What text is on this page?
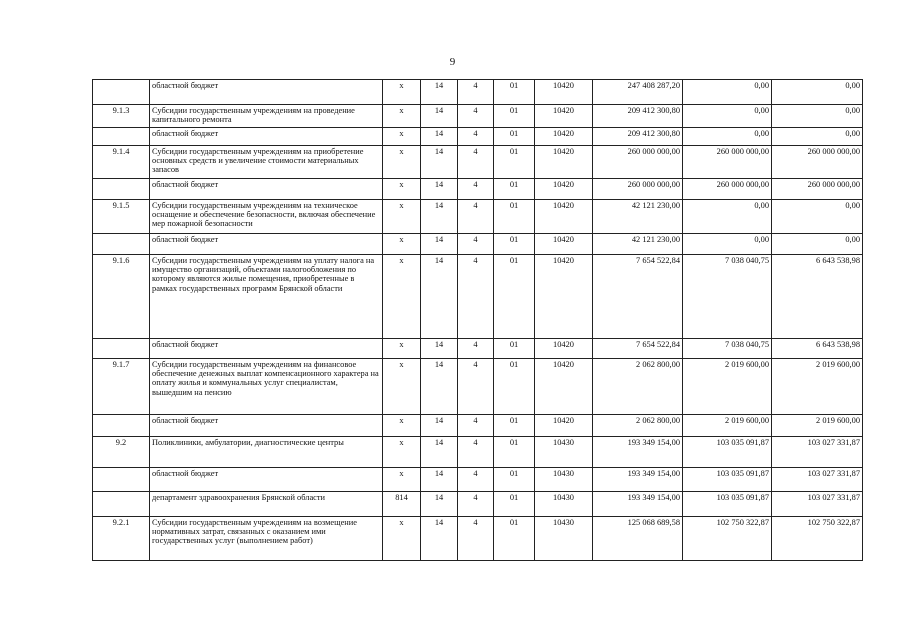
9
	областной бюджет	x	14	4	01	10420	247 408 287,20	0,00	0,00
9.1.3	Субсидии государственным учреждениям на проведение капитального ремонта	x	14	4	01	10420	209 412 300,80	0,00	0,00
	областной бюджет	x	14	4	01	10420	209 412 300,80	0,00	0,00
9.1.4	Субсидии государственным учреждениям на приобретение основных средств и увеличение стоимости материальных запасов	x	14	4	01	10420	260 000 000,00	260 000 000,00	260 000 000,00
	областной бюджет	x	14	4	01	10420	260 000 000,00	260 000 000,00	260 000 000,00
9.1.5	Субсидии государственным учреждениям на техническое оснащение и обеспечение безопасности, включая обеспечение мер пожарной безопасности	x	14	4	01	10420	42 121 230,00	0,00	0,00
	областной бюджет	x	14	4	01	10420	42 121 230,00	0,00	0,00
9.1.6	Субсидии государственным учреждениям на уплату налога на имущество организаций, объектами налогообложения по которому являются жилые помещения, приобретенные в рамках государственных программ Брянской области	x	14	4	01	10420	7 654 522,84	7 038 040,75	6 643 538,98
	областной бюджет	x	14	4	01	10420	7 654 522,84	7 038 040,75	6 643 538,98
9.1.7	Субсидии государственным учреждениям на финансовое обеспечение денежных выплат компенсационного характера на оплату жилья и коммунальных услуг специалистам, вышедшим на пенсию	x	14	4	01	10420	2 062 800,00	2 019 600,00	2 019 600,00
	областной бюджет	x	14	4	01	10420	2 062 800,00	2 019 600,00	2 019 600,00
9.2	Поликлиники, амбулатории, диагностические центры	x	14	4	01	10430	193 349 154,00	103 035 091,87	103 027 331,87
	областной бюджет	x	14	4	01	10430	193 349 154,00	103 035 091,87	103 027 331,87
	департамент здравоохранения Брянской области	814	14	4	01	10430	193 349 154,00	103 035 091,87	103 027 331,87
9.2.1	Субсидии государственным учреждениям на возмещение нормативных затрат, связанных с оказанием ими государственных услуг (выполнением работ)	x	14	4	01	10430	125 068 689,58	102 750 322,87	102 750 322,87
